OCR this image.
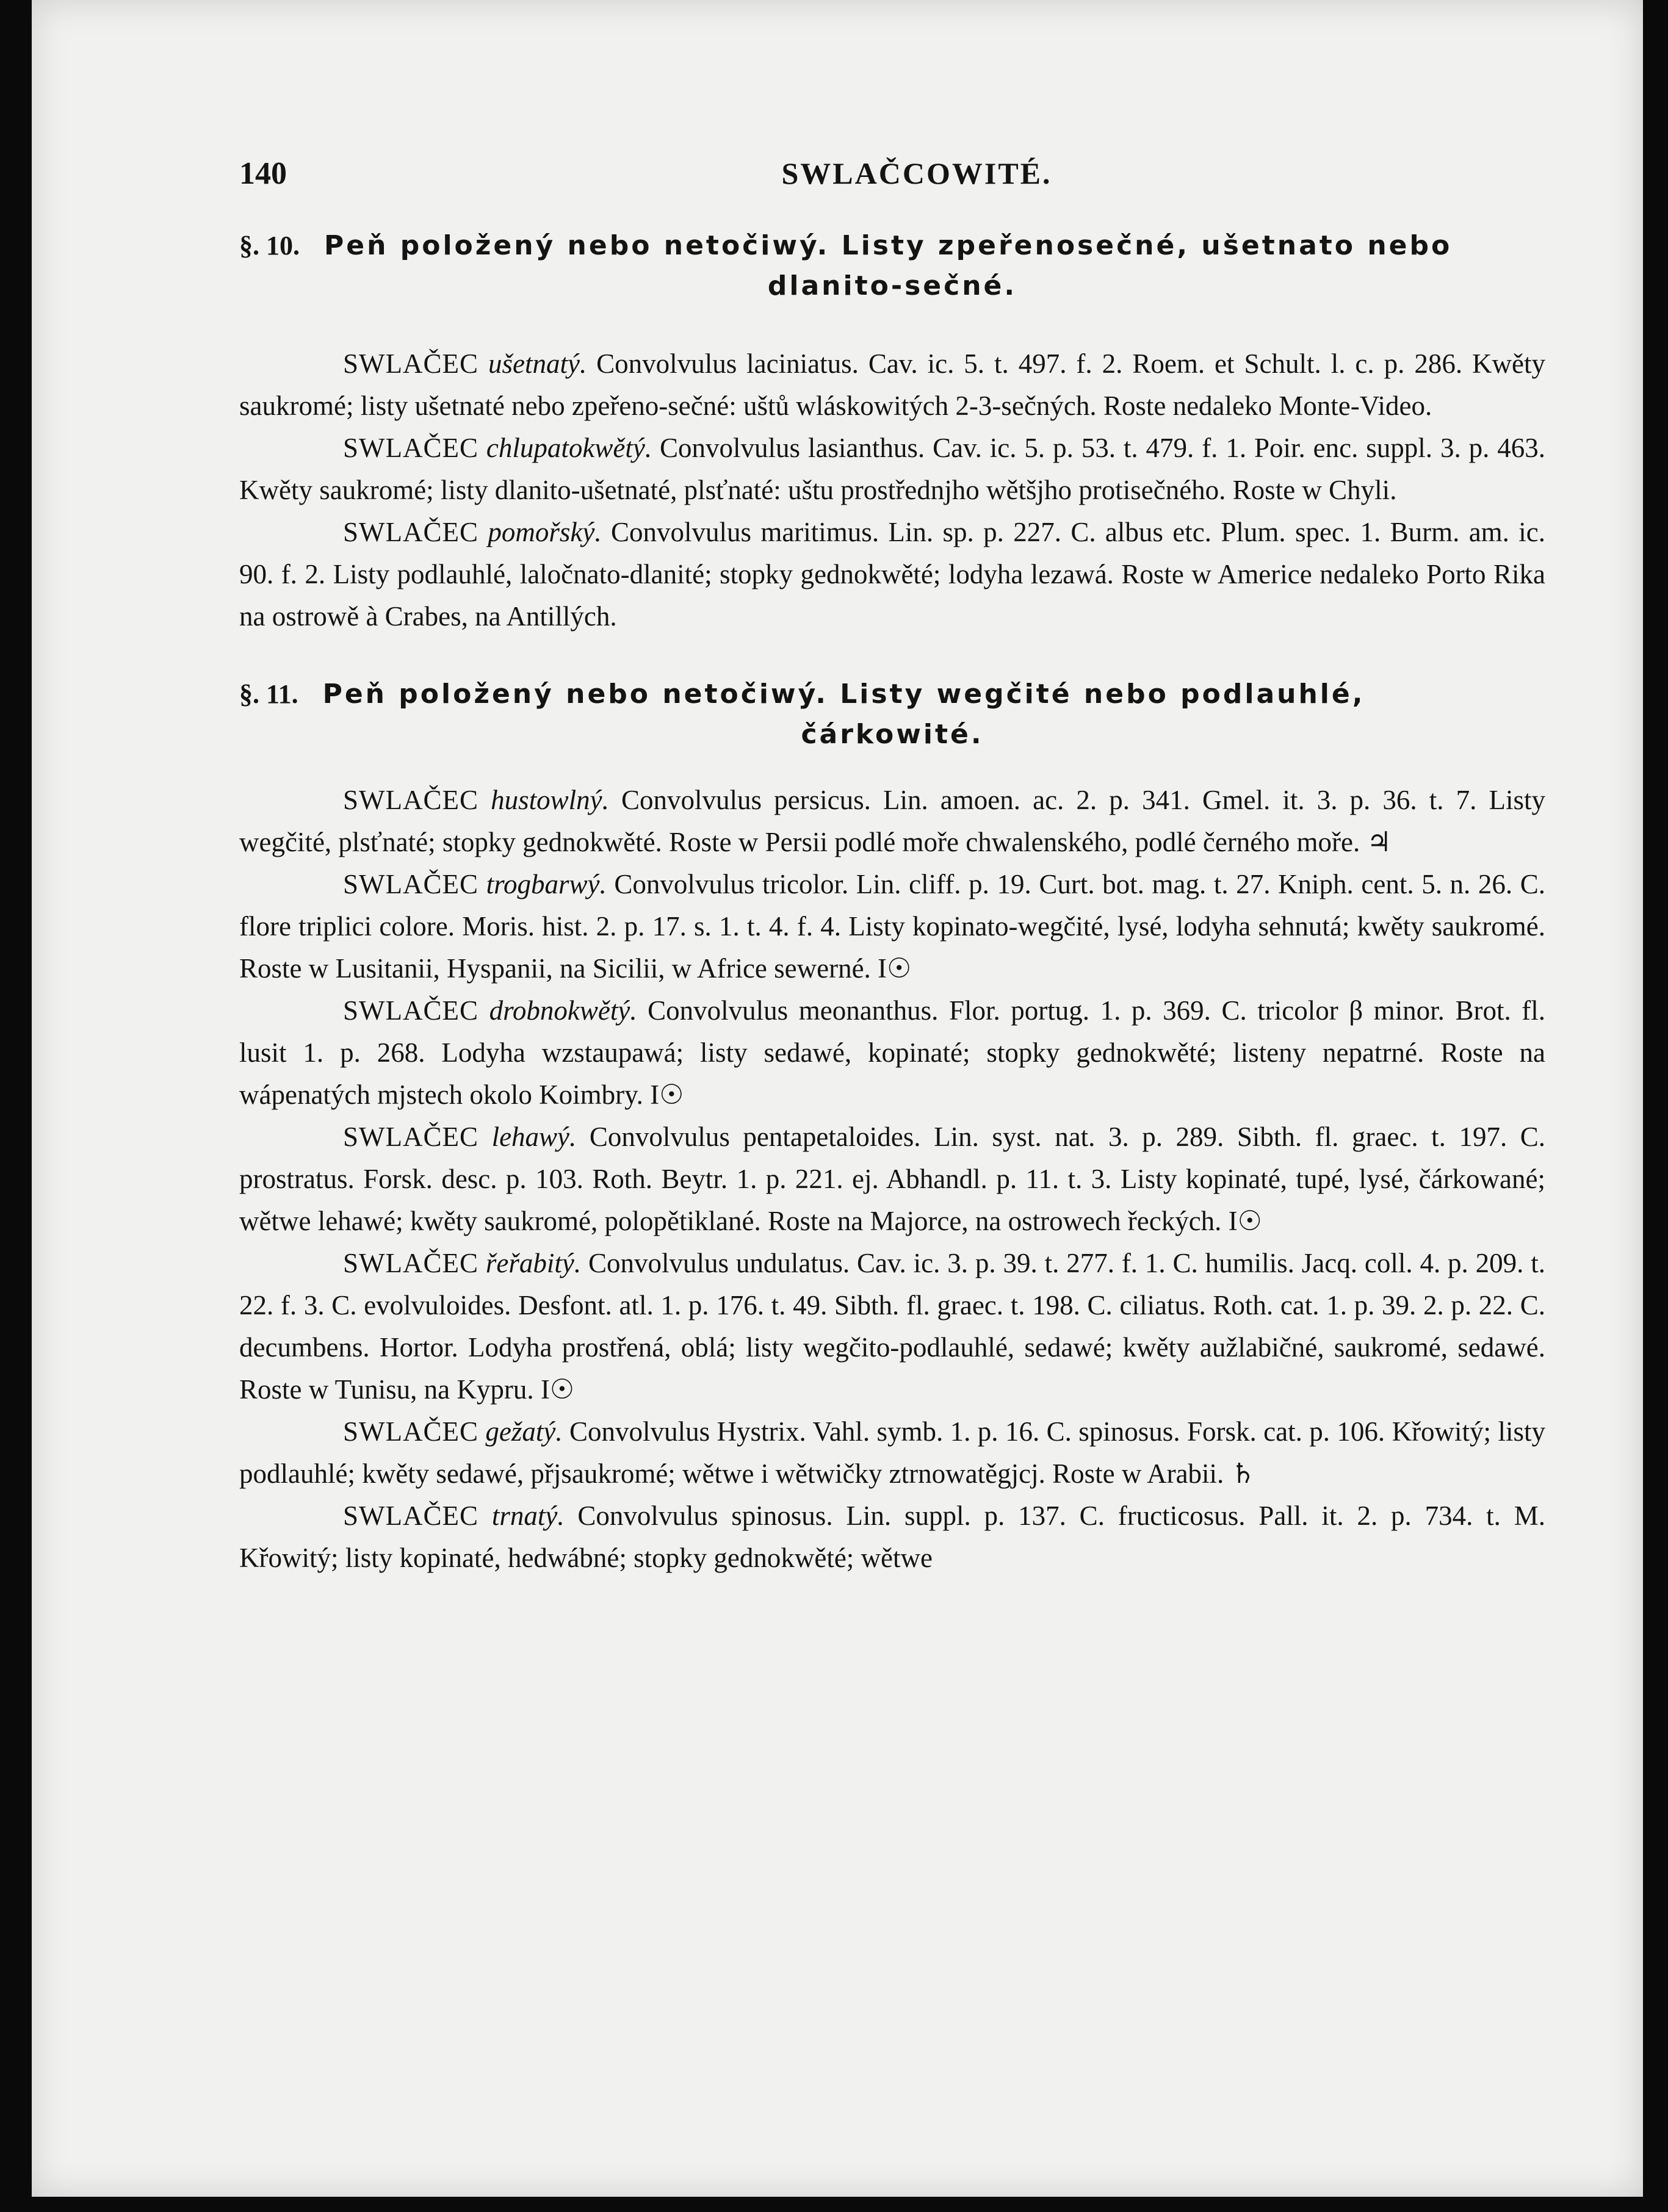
140	SWLAČCOWITÉ.
§. 10. Peň položený nebo netočiwý. Listy zpeřenosečné, ušetnato nebo
dlanito-sečné.

SWLAČEC ušetnatý. Convolvulus laciniatus. Cav. ic. 5. t. 497. f. 2. Roem. et Schult. l. c. p. 286. Kwěty saukromé; listy ušetnaté nebo zpeřeno-sečné: uštů wláskowitých 2-3-sečných. Roste nedaleko Monte-Video.

SWLAČEC chlupatokwětý. Convolvulus lasianthus. Cav. ic. 5. p. 53. t. 479. f. 1. Poir. enc. suppl. 3. p. 463. Kwěty saukromé; listy dlanito-ušetnaté, plsťnaté: uštu prostřednjho wětšjho protisečného. Roste w Chyli.

SWLAČEC pomořský. Convolvulus maritimus. Lin. sp. p. 227. C. albus etc. Plum. spec. 1. Burm. am. ic. 90. f. 2. Listy podlauhlé, laločnato-dlanité; stopky gednokwěté; lodyha lezawá. Roste w Americe nedaleko Porto Rika na ostrowě à Crabes, na Antillých.

§. 11. Peň položený nebo netočiwý. Listy wegčité nebo podlauhlé,
čárkowité.

SWLAČEC hustowlný. Convolvulus persicus. Lin. amoen. ac. 2. p. 341. Gmel. it. 3. p. 36. t. 7. Listy wegčité, plsťnaté; stopky gednokwěté. Roste w Persii podlé moře chwalenského, podlé černého moře. ♃

SWLAČEC trogbarwý. Convolvulus tricolor. Lin. cliff. p. 19. Curt. bot. mag. t. 27. Kniph. cent. 5. n. 26. C. flore triplici colore. Moris. hist. 2. p. 17. s. 1. t. 4. f. 4. Listy kopinato-wegčité, lysé, lodyha sehnutá; kwěty saukromé. Roste w Lusitanii, Hyspanii, na Sicilii, w Africe sewerné. I☉

SWLAČEC drobnokwětý. Convolvulus meonanthus. Flor. portug. 1. p. 369. C. tricolor β minor. Brot. fl. lusit 1. p. 268. Lodyha wzstaupawá; listy sedawé, kopinaté; stopky gednokwěté; listeny nepatrné. Roste na wápenatých mjstech okolo Koimbry. I☉

SWLAČEC lehawý. Convolvulus pentapetaloides. Lin. syst. nat. 3. p. 289. Sibth. fl. graec. t. 197. C. prostratus. Forsk. desc. p. 103. Roth. Beytr. 1. p. 221. ej. Abhandl. p. 11. t. 3. Listy kopinaté, tupé, lysé, čárkowané; wětwe lehawé; kwěty saukromé, polopětiklané. Roste na Majorce, na ostrowech řeckých. I☉

SWLAČEC řeřabitý. Convolvulus undulatus. Cav. ic. 3. p. 39. t. 277. f. 1. C. humilis. Jacq. coll. 4. p. 209. t. 22. f. 3. C. evolvuloides. Desfont. atl. 1. p. 176. t. 49. Sibth. fl. graec. t. 198. C. ciliatus. Roth. cat. 1. p. 39. 2. p. 22. C. decumbens. Hortor. Lodyha prostřená, oblá; listy wegčito-podlauhlé, sedawé; kwěty aužlabičné, saukromé, sedawé. Roste w Tunisu, na Kypru. I☉

SWLAČEC gežatý. Convolvulus Hystrix. Vahl. symb. 1. p. 16. C. spinosus. Forsk. cat. p. 106. Křowitý; listy podlauhlé; kwěty sedawé, přjsaukromé; wětwe i wětwičky ztrnowatěgjcj. Roste w Arabii. ♄

SWLAČEC trnatý. Convolvulus spinosus. Lin. suppl. p. 137. C. fructicosus. Pall. it. 2. p. 734. t. M. Křowitý; listy kopinaté, hedwábné; stopky gednokwěté; wětwe
